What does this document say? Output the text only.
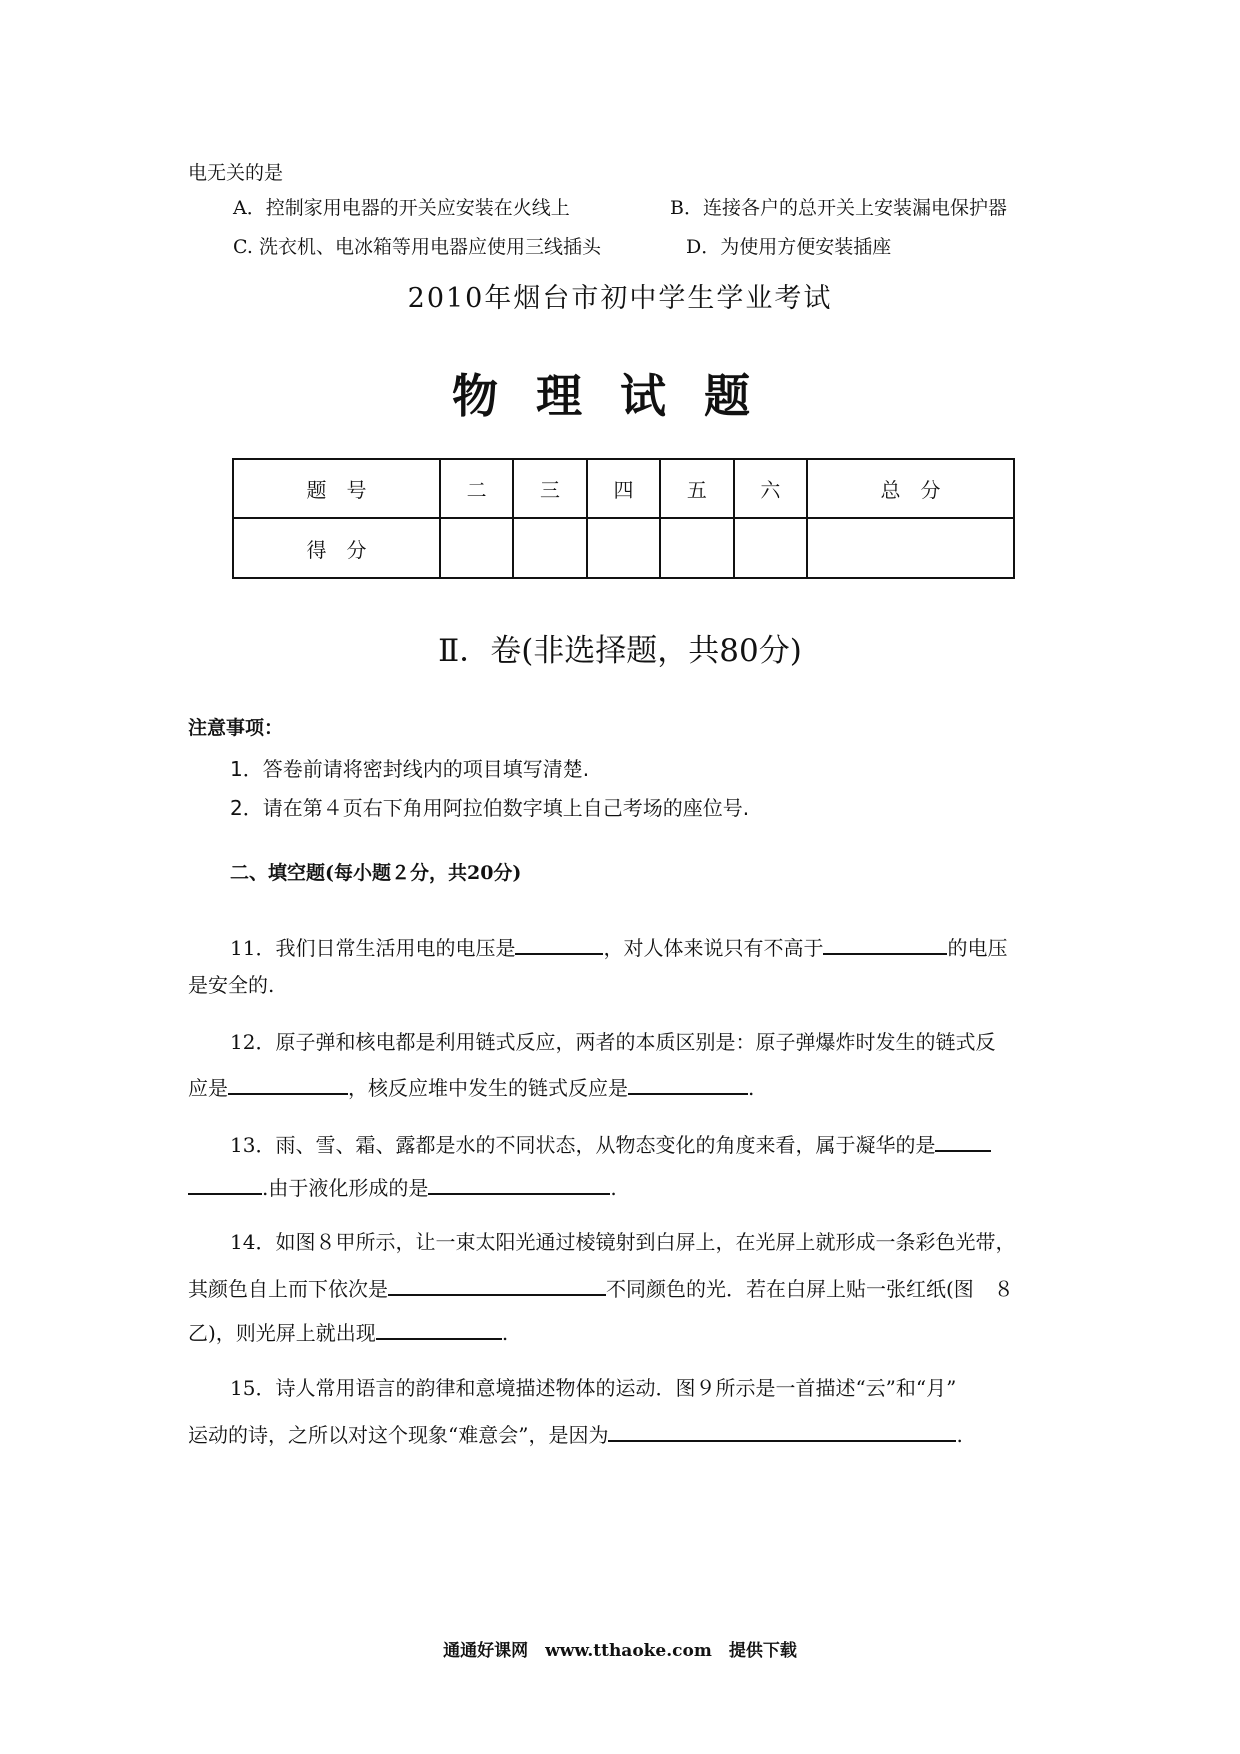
电无关的是
A．控制家用电器的开关应安装在火线上	B．连接各户的总开关上安装漏电保护器
C. 洗衣机、电冰箱等用电器应使用三线插头	D．为使用方便安装插座
2010年烟台市初中学生学业考试
物理试题
题　号	二	三	四	五	六	总　分
得　分						
Ⅱ．卷(非选择题，共80分)
注意事项：
1．答卷前请将密封线内的项目填写清楚.
2．请在第４页右下角用阿拉伯数字填上自己考场的座位号.
二、填空题(每小题２分，共20分)
11．我们日常生活用电的电压是	，对人体来说只有不高于	的电压
是安全的.
12．原子弹和核电都是利用链式反应，两者的本质区别是：原子弹爆炸时发生的链式反
应是	，核反应堆中发生的链式反应是	.
13．雨、雪、霜、露都是水的不同状态，从物态变化的角度来看，属于凝华的是
.由于液化形成的是	.
14．如图８甲所示，让一束太阳光通过棱镜射到白屏上，在光屏上就形成一条彩色光带，
其颜色自上而下依次是	不同颜色的光．若在白屏上贴一张红纸(图　８
乙)，则光屏上就出现	.
15．诗人常用语言的韵律和意境描述物体的运动．图９所示是一首描述“云”和“月”
运动的诗，之所以对这个现象“难意会”，是因为	.
通通好课网　www.tthaoke.com　提供下载
